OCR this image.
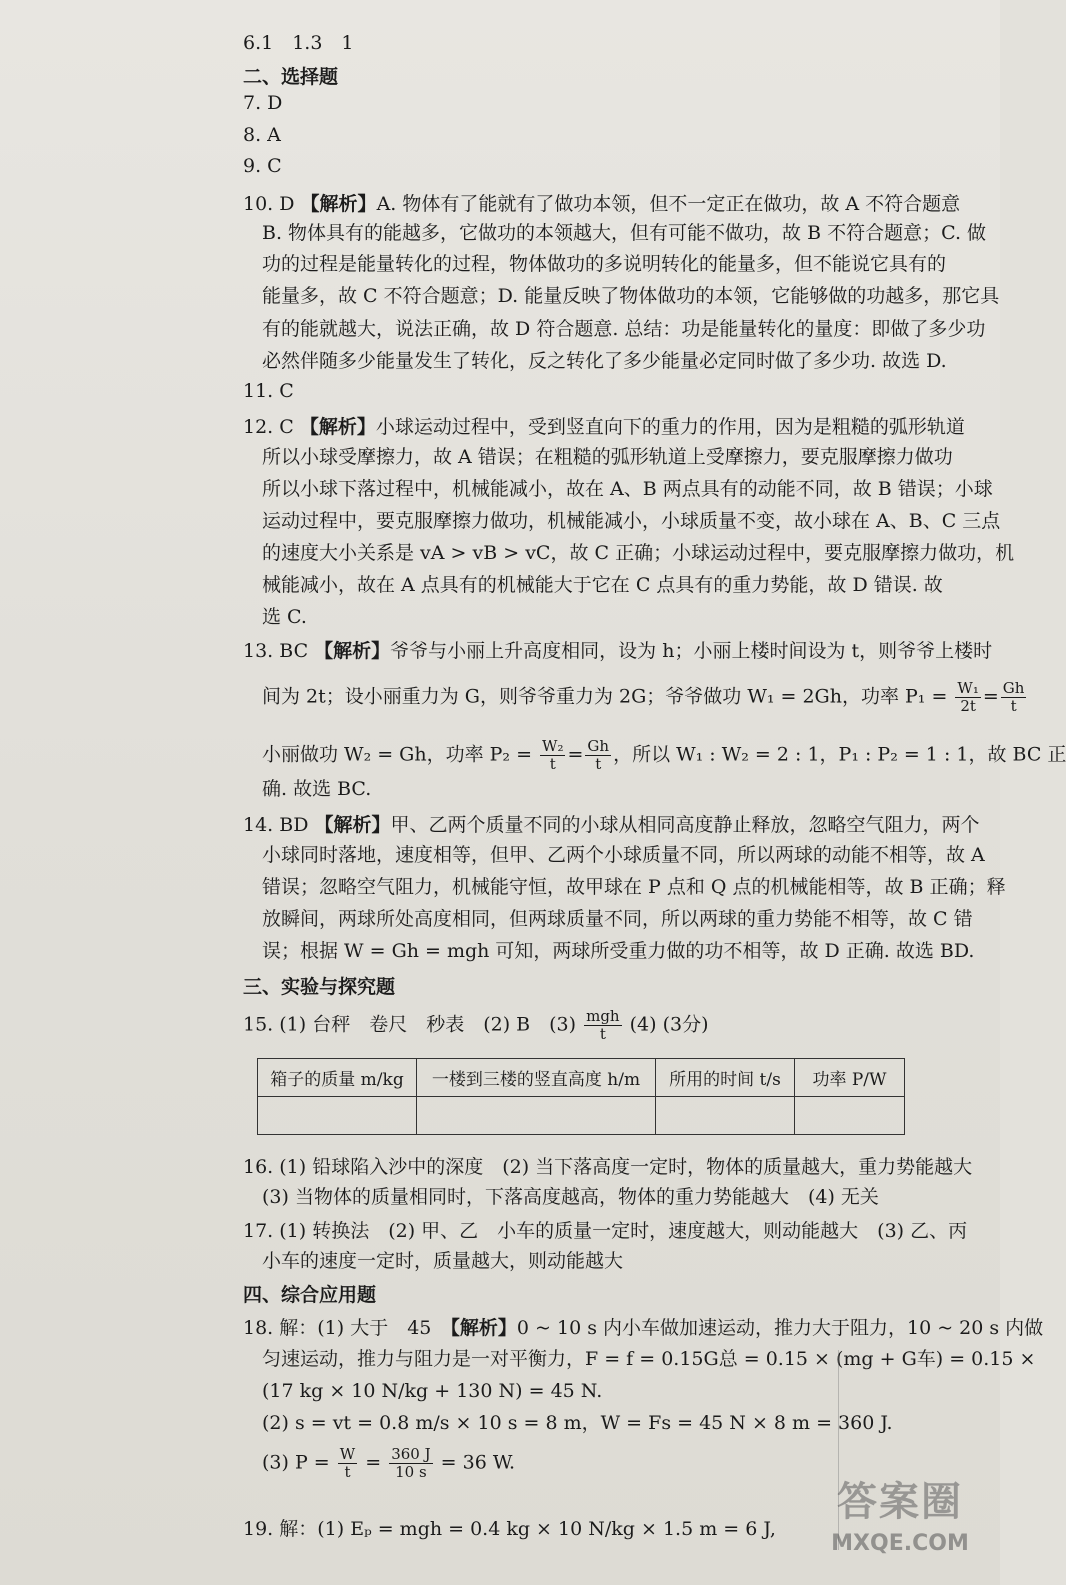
6.1　1.3　1
二、选择题
7. D
8. A
9. C
10. D 【解析】A. 物体有了能就有了做功本领，但不一定正在做功，故 A 不符合题意
B. 物体具有的能越多，它做功的本领越大，但有可能不做功，故 B 不符合题意；C. 做
功的过程是能量转化的过程，物体做功的多说明转化的能量多，但不能说它具有的
能量多，故 C 不符合题意；D. 能量反映了物体做功的本领，它能够做的功越多，那它具
有的能就越大，说法正确，故 D 符合题意. 总结：功是能量转化的量度：即做了多少功
必然伴随多少能量发生了转化，反之转化了多少能量必定同时做了多少功. 故选 D.
11. C
12. C 【解析】小球运动过程中，受到竖直向下的重力的作用，因为是粗糙的弧形轨道
所以小球受摩擦力，故 A 错误；在粗糙的弧形轨道上受摩擦力，要克服摩擦力做功
所以小球下落过程中，机械能减小，故在 A、B 两点具有的动能不同，故 B 错误；小球
运动过程中，要克服摩擦力做功，机械能减小，小球质量不变，故小球在 A、B、C 三点
的速度大小关系是 vA > vB > vC，故 C 正确；小球运动过程中，要克服摩擦力做功，机
械能减小，故在 A 点具有的机械能大于它在 C 点具有的重力势能，故 D 错误. 故
选 C.
13. BC 【解析】爷爷与小丽上升高度相同，设为 h；小丽上楼时间设为 t，则爷爷上楼时
间为 2t；设小丽重力为 G，则爷爷重力为 2G；爷爷做功 W₁ = 2Gh，功率 $P_1 = \frac{\text{W₁}}{2t} = \frac{Gh}{t}$
小丽做功 W₂ = Gh，功率 $P_2 = \frac{\text{W₂}}{t} = \frac{Gh}{t}$ ，所以 W₁ : W₂ = 2 : 1，P₁ : P₂ = 1 : 1，故 BC 正
确. 故选 BC.
14. BD 【解析】甲、乙两个质量不同的小球从相同高度静止释放，忽略空气阻力，两个
小球同时落地，速度相等，但甲、乙两个小球质量不同，所以两球的动能不相等，故 A
错误；忽略空气阻力，机械能守恒，故甲球在 P 点和 Q 点的机械能相等，故 B 正确；释
放瞬间，两球所处高度相同，但两球质量不同，所以两球的重力势能不相等，故 C 错
误；根据 W = Gh = mgh 可知，两球所受重力做的功不相等，故 D 正确. 故选 BD.
三、实验与探究题
15. (1) 台秤　卷尺　秒表　(2) B　$(3) \frac{\text{mgh}}{t} (4)$ (3分)
箱子的质量 m/kg	一楼到三楼的竖直高度 h/m	所用的时间 t/s	功率 P/W

16. (1) 铅球陷入沙中的深度　(2) 当下落高度一定时，物体的质量越大，重力势能越大
(3) 当物体的质量相同时，下落高度越高，物体的重力势能越大　(4) 无关
17. (1) 转换法　(2) 甲、乙　小车的质量一定时，速度越大，则动能越大　(3) 乙、丙
小车的速度一定时，质量越大，则动能越大
四、综合应用题
18. 解：(1) 大于　45　【解析】0 ~ 10 s 内小车做加速运动，推力大于阻力，10 ~ 20 s 内做
匀速运动，推力与阻力是一对平衡力，F = f = 0.15G总 = 0.15 × (mg + G车) = 0.15 ×
(17 kg × 10 N/kg + 130 N) = 45 N.
(2) s = vt = 0.8 m/s × 10 s = 8 m，W = Fs = 45 N × 8 m = 360 J.
(3) $P = \frac{W}{t} = \frac{360 J}{10 s} = 36$ W.
19. 解：(1) Eₚ = mgh = 0.4 kg × 10 N/kg × 1.5 m = 6 J,
答案圈
MXQE.COM
